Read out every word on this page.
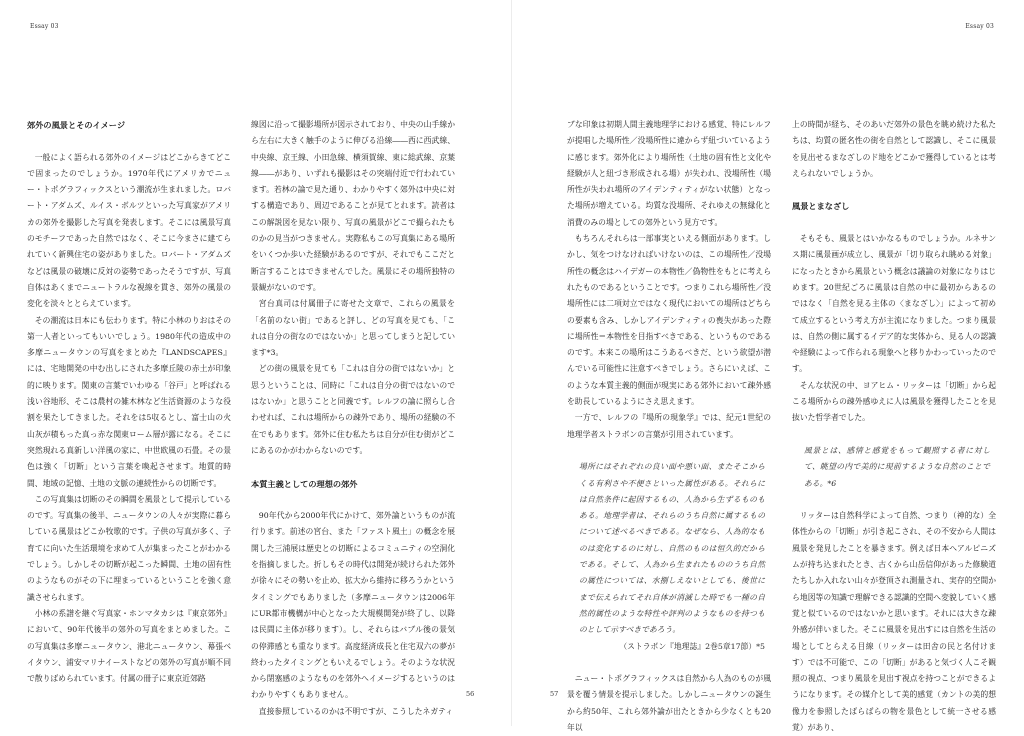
Essay 03
郊外の風景とそのイメージ

一般によく語られる郊外のイメージはどこからきてどこで固まったのでしょうか。1970年代にアメリカでニュー・トポグラフィックスという潮流が生まれました。ロバート・アダムズ、ルイス・ボルツといった写真家がアメリカの郊外を撮影した写真を発表します。そこには風景写真のモチーフであった自然ではなく、そこに今まさに建てられていく新興住宅の姿がありました。ロバート・アダムズなどは風景の破壊に反対の姿勢であったそうですが、写真自体はあくまでニュートラルな視線を貫き、郊外の風景の変化を淡々ととらえています。

その潮流は日本にも伝わります。特に小林のりおはその第一人者といってもいいでしょう。1980年代の造成中の多摩ニュータウンの写真をまとめた『LANDSCAPES』には、宅地開発の中む出しにされた多摩丘陵の赤土が印象的に映ります。関東の言葉でいわゆる「谷戸」と呼ばれる浅い谷地形、そこは農村の雑木林など生活資源のような役割を果たしてきました。それをは5収るとし、富士山の火山灰が積もった真っ赤な関東ローム層が露になる。そこに突然現れる真新しい洋風の家に、中世欧風の石畳。その景色は強く「切断」という言葉を喚起させます。地質的時間、地域の記憶、土地の文脈の連続性からの切断です。

この写真集は切断のその瞬間を風景として提示しているのです。写真集の後半、ニュータウンの人々が実際に暮らしている風景はどこか牧歌的です。子供の写真が多く、子育てに向いた生活環境を求めて人が集まったことがわかるでしょう。しかしその切断が起こった瞬間、土地の固有性のようなものがその下に埋まっているということを強く意識させられます。

小林の系譜を継ぐ写真家・ホンマタカシは『東京郊外』において、90年代後半の郊外の写真をまとめました。この写真集は多摩ニュータウン、港北ニュータウン、幕張ベイタウン、浦安マリナイーストなどの郊外の写真が順不同で散りばめられています。付属の冊子に東京近郊路

線図に沿って撮影場所が図示されており、中央の山手線から左右に大きく触手のように伸びる沿線――西に西武線、中央線、京王線、小田急線、横須賀線、東に総武線、京葉線――があり、いずれも撮影はその突端付近で行われています。若林の論で見た通り、わかりやすく郊外は中央に対する構造であり、周辺であることが見てとれます。読者はこの解説図を見ない限り、写真の風景がどこで撮られたものかの見当がつきません。実際私もこの写真集にある場所をいくつか歩いた経験があるのですが、それでもここだと断言することはできませんでした。風景にその場所独特の景観がないのです。

宮台真司は付属冊子に寄せた文章で、これらの風景を「名前のない街」であると評し、どの写真を見ても、「これは自分の街なのではないか」と思ってしまうと記しています*3。

どの街の風景を見ても「これは自分の街ではないか」と思うということは、同時に「これは自分の街ではないのではないか」と思うことと同義です。レルフの論に照らし合わせれば、これは場所からの疎外であり、場所の経験の不在でもあります。郊外に住む私たちは自分が住む街がどこにあるのかがわからないのです。

本質主義としての理想の郊外

90年代から2000年代にかけて、郊外論というものが流行ります。前述の宮台、また「ファスト風土」の概念を展開した三浦展は歴史との切断によるコミュニティの空洞化を指摘しました。折しもその時代は開発が続けられた郊外が徐々にその勢いを止め、拡大から維持に移ろうかというタイミングでもありました（多摩ニュータウンは2006年にUR都市機構が中心となった大規模開発が終了し、以降は民間に主体が移ります）。し、それらはバブル後の景気の停滞感とも重なります。高度経済成長と住宅双六の夢が終わったタイミングともいえるでしょう。そのような状況から閉塞感のようなものを郊外へイメージするというのはわかりやすくもありません。

直接参照しているのかは不明ですが、こうしたネガティ

56
Essay 03

ブな印象は初期人間主義地理学における感覚、特にレルフが提唱した場所性／没場所性に違からず紐づいているように感じます。郊外化により場所性（土地の固有性と文化や経験が人と紐づき形成される場）が失われ、没場所性（場所性が失われ場所のアイデンティティがない状態）となった場所が増えている。均質な没場所、それゆえの無縁化と消費のみの場としての郊外という見方です。

もちろんそれらは一部事実といえる側面があります。しかし、気をつけなければいけないのは、この場所性／没場所性の概念はハイデガーの本物性／偽物性をもとに考えられたものであるということです。つまりこれら場所性／没場所性には二項対立ではなく現代においての場所はどちらの要素も含み、しかしアイデンティティの喪失があった際に場所性＝本物性を目指すべきである、というものであるのです。本来この場所はこうあるべきだ、という欲望が潜んでいる可能性に注意すべきでしょう。さらにいえば、このような本質主義的側面が現実にある郊外において疎外感を助長しているようにさえ思えます。

一方で、レルフの『場所の現象学』では、紀元1世紀の地理学者ストラボンの言葉が引用されています。

場所にはそれぞれの良い面や悪い面、またそこからくる有利さや不便さといった属性がある。それらには自然条件に起因するもの、人為から生ずるものもある。地理学者は、それらのうち自然に属するものについて述べるべきである。なぜなら、人為的なものは変化するのに対し、自然のものは恒久的だからである。そして、人為から生まれたもののうち自然の属性については、水捌しえないとしても、後世にまで伝えられてそれ自体が消滅した時でも一種の自然的属性のような特性や評判のようなものを持つものとして示すべきであろう。
（ストラボン『地理誌』2巻5章17節）*5

ニュー・トポグラフィックスは自然から人為のものが風景を覆う情景を提示しました。しかしニュータウンの誕生から約50年、これら郊外論が出たときから少なくとも20年以

上の時間が経ち、そのあいだ郊外の景色を眺め続けた私たちは、均質の匿名性の街を自然として認識し、そこに風景を見出せるまなざしのド地をどこかで獲得しているとは考えられないでしょうか。

風景とまなざし

そもそも、風景とはいかなるものでしょうか。ルネサンス期に風景画が成立し、風景が「切り取られ眺める対象」になったときから風景という概念は議論の対象になりはじめます。20世紀ごろに風景は自然の中に最初からあるのではなく「自然を見る主体の〈まなざし〉」によって初めて成立するという考え方が主流になりました。つまり風景は、自然の側に属するイデア的な実体から、見る人の認識や経験によって作られる現象へと移りかわっていったのです。

そんな状況の中、ヨアヒム・リッターは「切断」から起こる場所からの疎外感ゆえに人は風景を獲得したことを見抜いた哲学者でした。

風景とは、感情と感覚をもって観照する者に対して、眺望の内で美的に現前するような自然のことである。*6

リッターは自然科学によって自然、つまり（神的な）全体性からの「切断」が引き起こされ、その不安から人間は風景を発見したことを暴きます。例えば日本ヘアルピニズムが持ち込まれたとき、古くから山岳信仰があった修験道たちしか入れない山々が登頂され測量され、実存的空間から地図等の知識で理解できる認識的空間へ変貌していく感覚と似ているのではないかと思います。それには大きな疎外感が伴いました。そこに風景を見出すには自然を生活の場としてとらえる目線（リッターは田舎の民と名付けます）では不可能で、この「切断」があると気づく人こそ観照の視点、つまり風景を見出す視点を持つことができるようになります。その媒介として美的感覚（カントの美的想像力を参照したばらばらの物を景色として統一させる感覚）があり、

57
